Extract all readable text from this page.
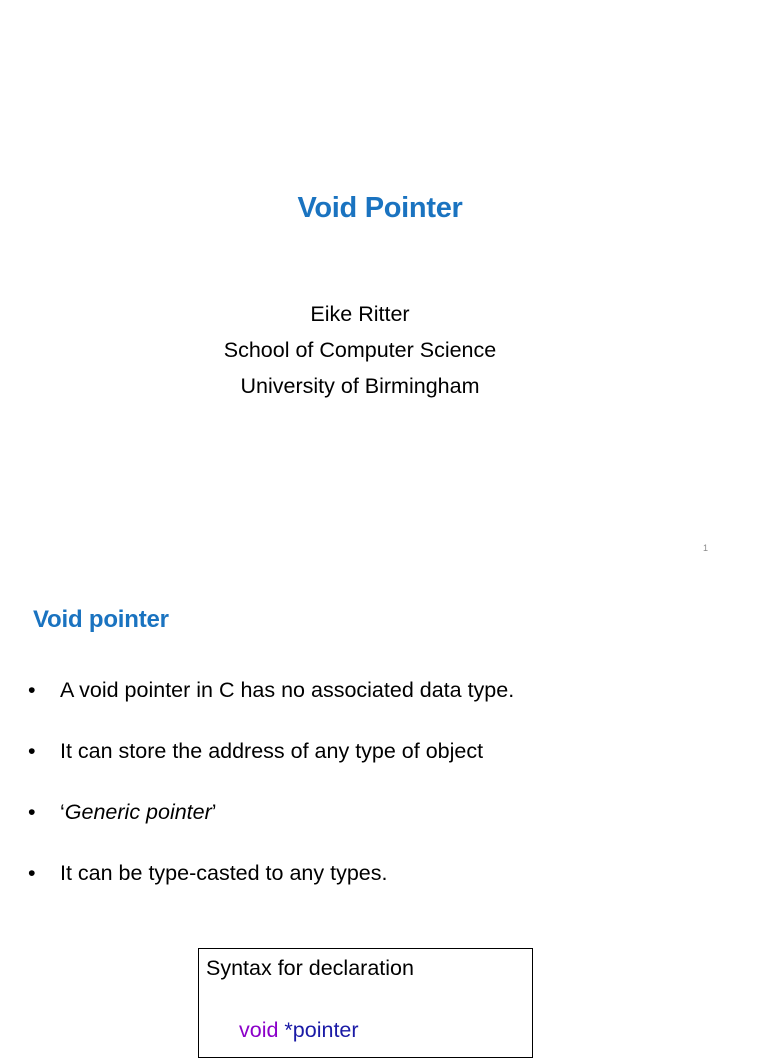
Void Pointer
Eike Ritter
School of Computer Science
University of Birmingham
1
Void pointer
•	A void pointer in C has no associated data type.
•	It can store the address of any type of object
•	‘Generic pointer’
•	It can be type-casted to any types.
Syntax for declaration
void *pointer
